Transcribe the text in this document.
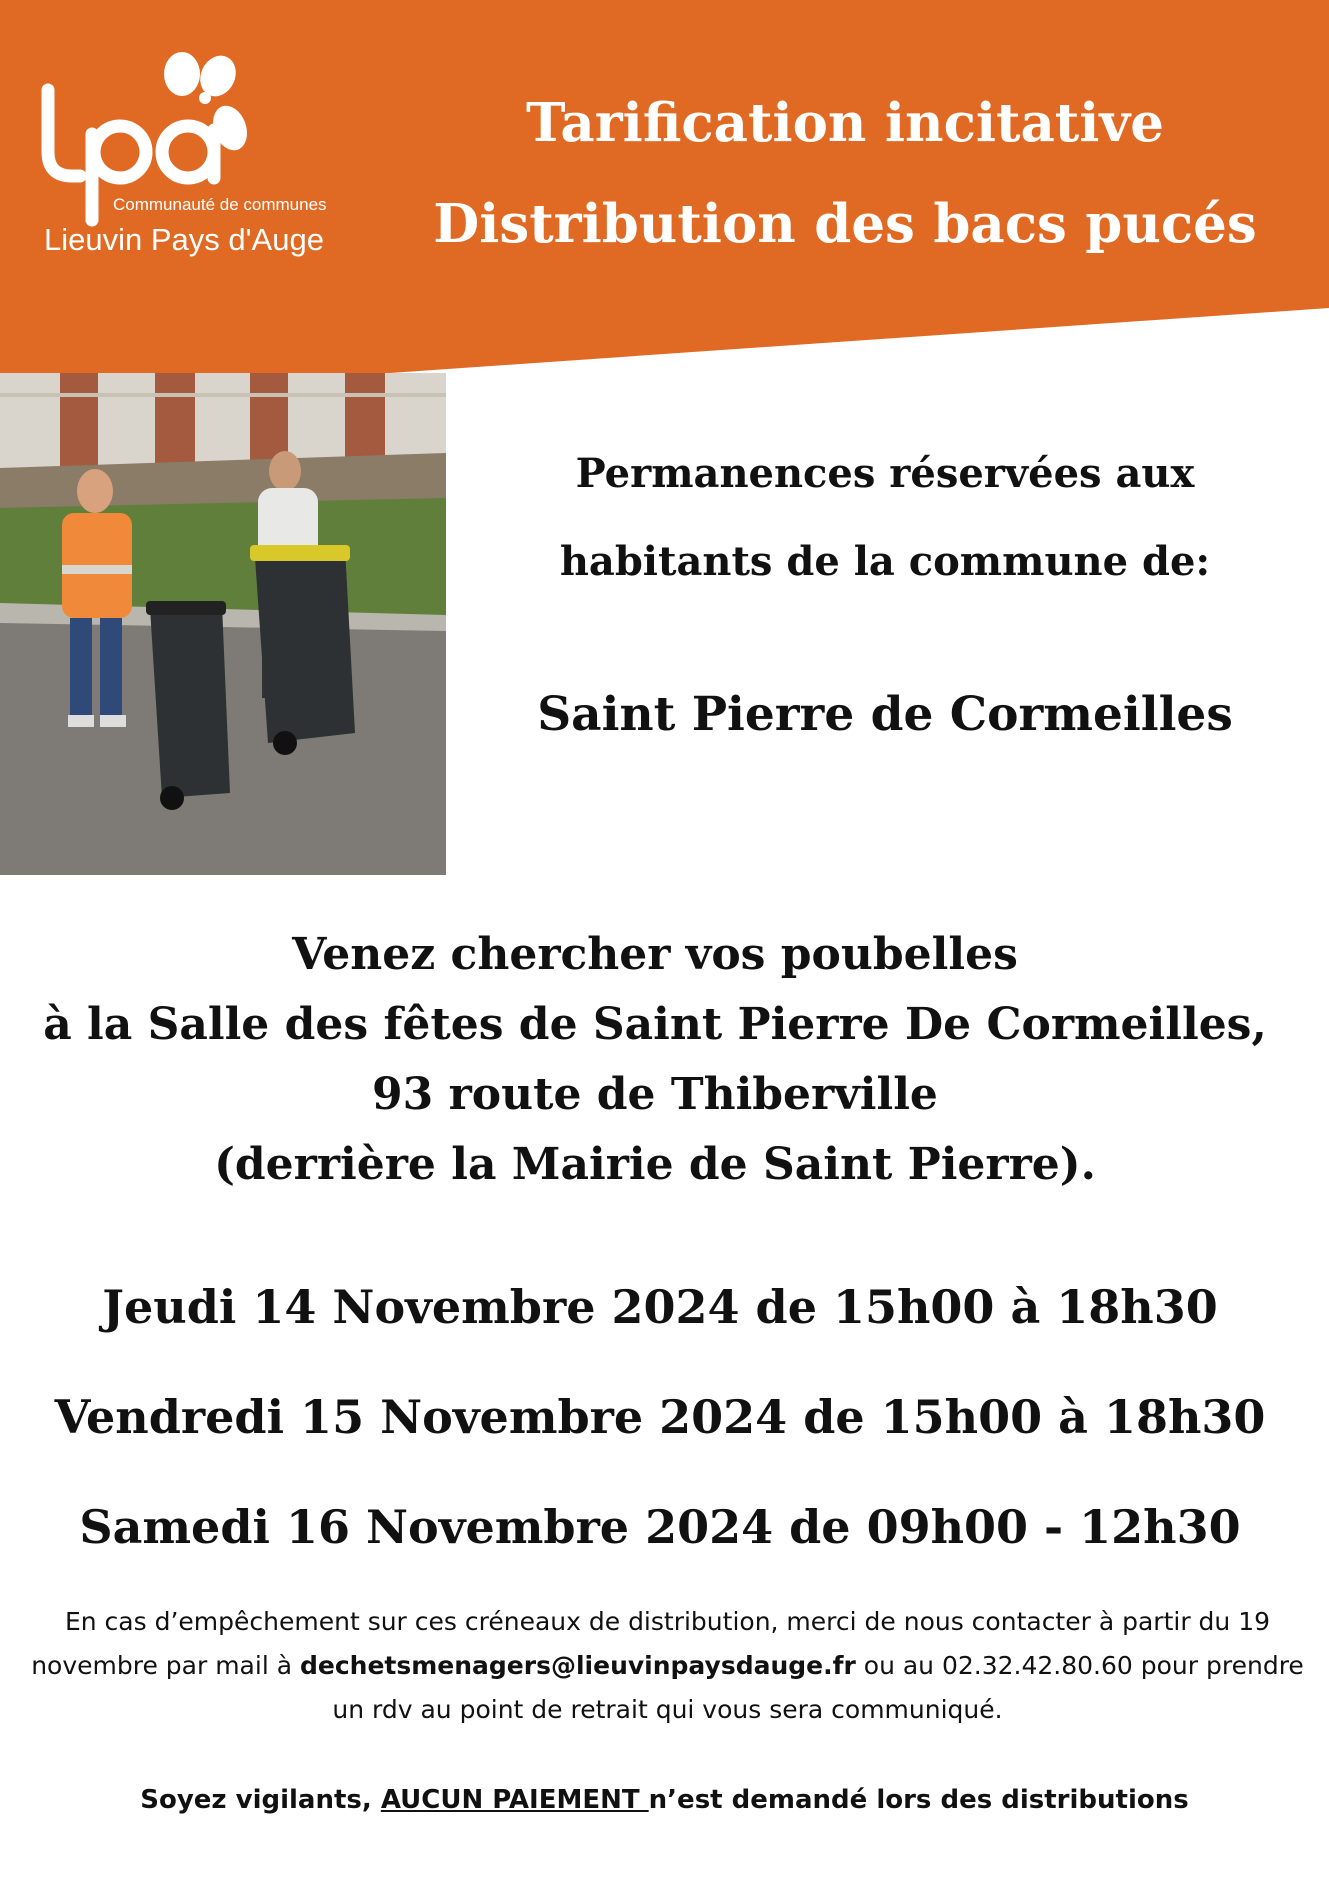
Communauté de communes
Lieuvin Pays d'Auge
Tarification incitative
Distribution des bacs pucés
Permanences réservées aux
habitants de la commune de:
Saint Pierre de Cormeilles
Venez chercher vos poubelles
à la Salle des fêtes de Saint Pierre De Cormeilles,
93 route de Thiberville
(derrière la Mairie de Saint Pierre).
Jeudi 14 Novembre 2024 de 15h00 à 18h30
Vendredi 15 Novembre 2024 de 15h00 à 18h30
Samedi 16 Novembre 2024 de 09h00 - 12h30
En cas d’empêchement sur ces créneaux de distribution, merci de nous contacter à partir du 19 novembre par mail à dechetsmenagers@lieuvinpaysdauge.fr ou au 02.32.42.80.60 pour prendre un rdv au point de retrait qui vous sera communiqué.
Soyez vigilants, AUCUN PAIEMENT n’est demandé lors des distributions
